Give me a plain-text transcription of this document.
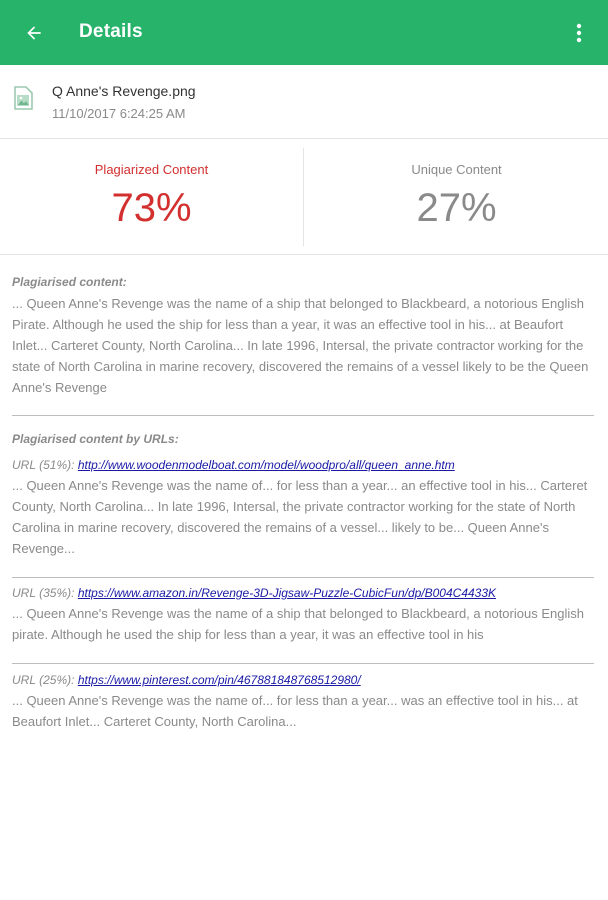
Details
Q Anne's Revenge.png
11/10/2017 6:24:25 AM
Plagiarized Content
73%
Unique Content
27%
Plagiarised content:
... Queen Anne's Revenge was the name of a ship that belonged to Blackbeard, a notorious English Pirate. Although he used the ship for less than a year, it was an effective tool in his... at Beaufort Inlet... Carteret County, North Carolina... In late 1996, Intersal, the private contractor working for the state of North Carolina in marine recovery, discovered the remains of a vessel likely to be the Queen Anne's Revenge
Plagiarised content by URLs:
URL (51%): http://www.woodenmodelboat.com/model/woodpro/all/queen_anne.htm
... Queen Anne's Revenge was the name of... for less than a year... an effective tool in his... Carteret County, North Carolina... In late 1996, Intersal, the private contractor working for the state of North Carolina in marine recovery, discovered the remains of a vessel... likely to be... Queen Anne's Revenge...
URL (35%): https://www.amazon.in/Revenge-3D-Jigsaw-Puzzle-CubicFun/dp/B004C4433K
... Queen Anne's Revenge was the name of a ship that belonged to Blackbeard, a notorious English pirate. Although he used the ship for less than a year, it was an effective tool in his
URL (25%): https://www.pinterest.com/pin/467881848768512980/
... Queen Anne's Revenge was the name of... for less than a year... was an effective tool in his... at Beaufort Inlet... Carteret County, North Carolina...
